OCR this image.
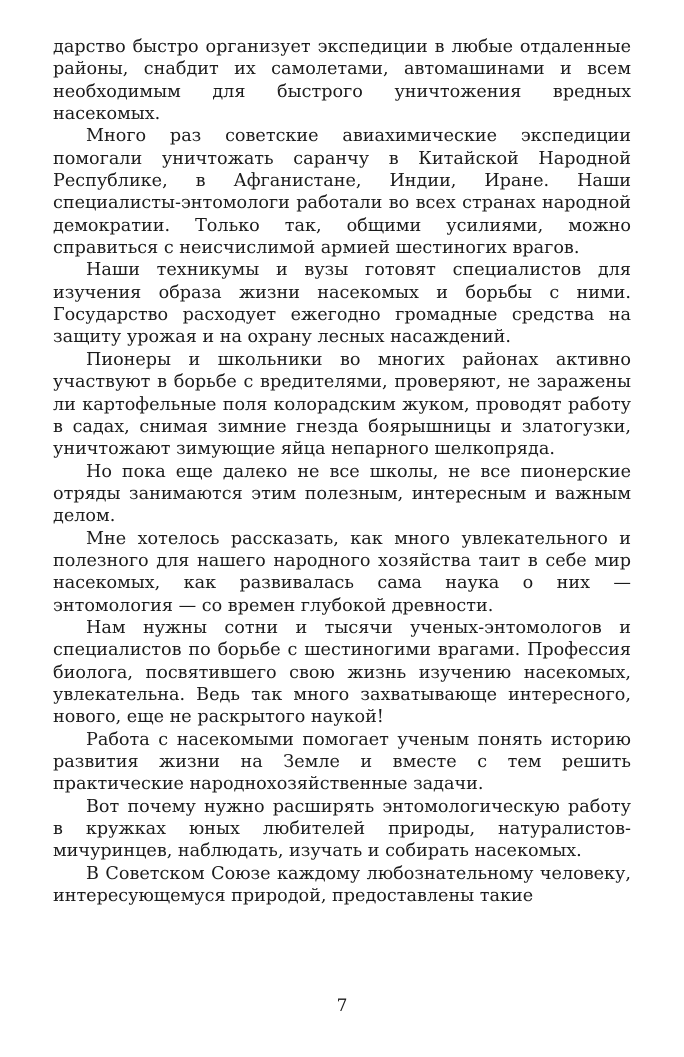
дарство быстро организует экспедиции в любые отдаленные районы, снабдит их самолетами, автомашинами и всем необходимым для быстрого уничтожения вредных насекомых.

Много раз советские авиахимические экспедиции помогали уничтожать саранчу в Китайской Народной Республике, в Афганистане, Индии, Иране. Наши специалисты-энтомологи работали во всех странах народной демократии. Только так, общими усилиями, можно справиться с неисчислимой армией шестиногих врагов.

Наши техникумы и вузы готовят специалистов для изучения образа жизни насекомых и борьбы с ними. Государство расходует ежегодно громадные средства на защиту урожая и на охрану лесных насаждений.

Пионеры и школьники во многих районах активно участвуют в борьбе с вредителями, проверяют, не заражены ли картофельные поля колорадским жуком, проводят работу в садах, снимая зимние гнезда боярышницы и златогузки, уничтожают зимующие яйца непарного шелкопряда.

Но пока еще далеко не все школы, не все пионерские отряды занимаются этим полезным, интересным и важным делом.

Мне хотелось рассказать, как много увлекательного и полезного для нашего народного хозяйства таит в себе мир насекомых, как развивалась сама наука о них — энтомология — со времен глубокой древности.

Нам нужны сотни и тысячи ученых-энтомологов и специалистов по борьбе с шестиногими врагами. Профессия биолога, посвятившего свою жизнь изучению насекомых, увлекательна. Ведь так много захватывающе интересного, нового, еще не раскрытого наукой!

Работа с насекомыми помогает ученым понять историю развития жизни на Земле и вместе с тем решить практические народнохозяйственные задачи.

Вот почему нужно расширять энтомологическую работу в кружках юных любителей природы, натуралистов-мичуринцев, наблюдать, изучать и собирать насекомых.

В Советском Союзе каждому любознательному человеку, интересующемуся природой, предоставлены такие

7
